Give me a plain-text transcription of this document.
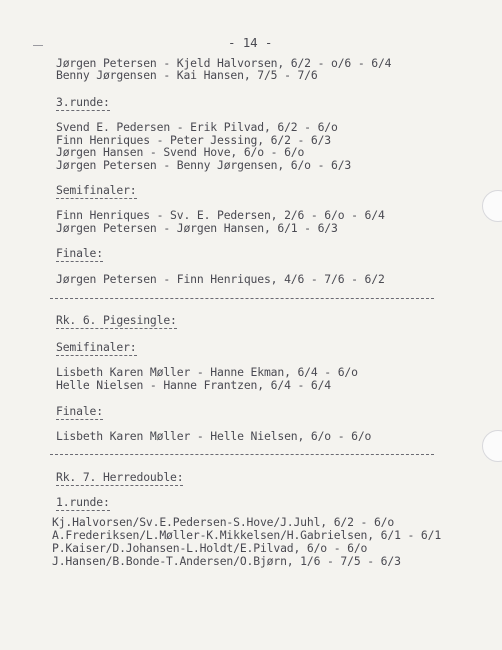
- 14 -
Jørgen Petersen - Kjeld Halvorsen, 6/2 - o/6 - 6/4
Benny Jørgensen - Kai Hansen, 7/5 - 7/6
3.runde:
Svend E. Pedersen - Erik Pilvad, 6/2 - 6/o
Finn Henriques - Peter Jessing, 6/2 - 6/3
Jørgen Hansen - Svend Hove, 6/o - 6/o
Jørgen Petersen - Benny Jørgensen, 6/o - 6/3
Semifinaler:
Finn Henriques - Sv. E. Pedersen, 2/6 - 6/o - 6/4
Jørgen Petersen - Jørgen Hansen, 6/1 - 6/3
Finale:
Jørgen Petersen - Finn Henriques, 4/6 - 7/6 - 6/2
Rk. 6. Pigesingle:
Semifinaler:
Lisbeth Karen Møller - Hanne Ekman, 6/4 - 6/o
Helle Nielsen - Hanne Frantzen, 6/4 - 6/4
Finale:
Lisbeth Karen Møller - Helle Nielsen, 6/o - 6/o
Rk. 7. Herredouble:
1.runde:
Kj.Halvorsen/Sv.E.Pedersen-S.Hove/J.Juhl, 6/2 - 6/o
A.Frederiksen/L.Møller-K.Mikkelsen/H.Gabrielsen, 6/1 - 6/1
P.Kaiser/D.Johansen-L.Holdt/E.Pilvad, 6/o - 6/o
J.Hansen/B.Bonde-T.Andersen/O.Bjørn, 1/6 - 7/5 - 6/3
